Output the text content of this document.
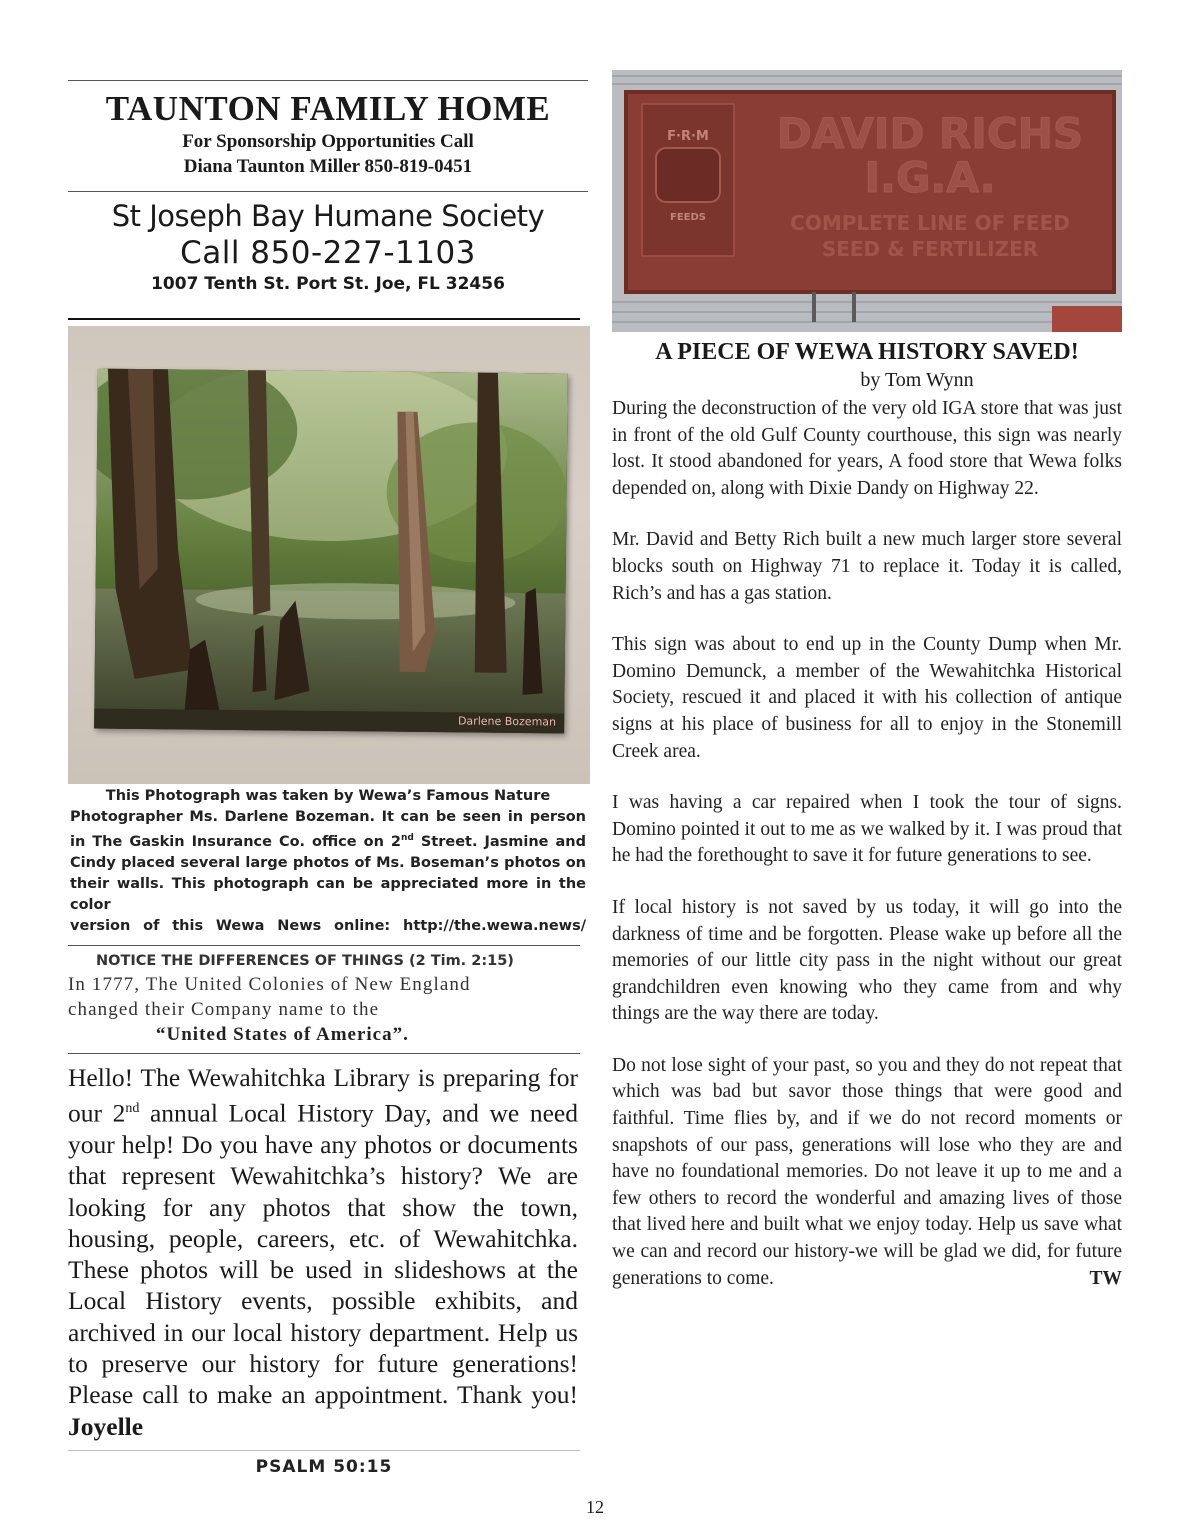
TAUNTON FAMILY HOME
For Sponsorship Opportunities Call
Diana Taunton Miller 850-819-0451
St Joseph Bay Humane Society
Call 850-227-1103
1007 Tenth St. Port St. Joe, FL 32456
Darlene Bozeman
This Photograph was taken by Wewa’s Famous Nature
Photographer Ms. Darlene Bozeman. It can be seen in person in The Gaskin Insurance Co. office on 2nd Street. Jasmine and Cindy placed several large photos of Ms. Boseman’s photos on their walls. This photograph can be appreciated more in the color
version of this Wewa News online: http://the.wewa.news/
NOTICE THE DIFFERENCES OF THINGS (2 Tim. 2:15)
In 1777, The United Colonies of New England
changed their Company name to the
“United States of America”.
Hello! The Wewahitchka Library is preparing for our 2nd annual Local History Day, and we need your help! Do you have any photos or documents that represent Wewahitchka’s history? We are looking for any photos that show the town, housing, people, careers, etc. of Wewahitchka. These photos will be used in slideshows at the Local History events, possible exhibits, and archived in our local history department. Help us to preserve our history for future generations! Please call to make an appointment. Thank you! Joyelle
PSALM 50:15
F·R·M
FEEDS
DAVID RICHS
I.G.A.
COMPLETE LINE OF FEED
SEED & FERTILIZER
A PIECE OF WEWA HISTORY SAVED!
by Tom Wynn

During the deconstruction of the very old IGA store that was just in front of the old Gulf County courthouse, this sign was nearly lost. It stood abandoned for years, A food store that Wewa folks depended on, along with Dixie Dandy on Highway 22.

Mr. David and Betty Rich built a new much larger store several blocks south on Highway 71 to replace it. Today it is called, Rich’s and has a gas station.

This sign was about to end up in the County Dump when Mr. Domino Demunck, a member of the Wewahitchka Historical Society, rescued it and placed it with his collection of antique signs at his place of business for all to enjoy in the Stonemill Creek area.

I was having a car repaired when I took the tour of signs. Domino pointed it out to me as we walked by it. I was proud that he had the forethought to save it for future generations to see.

If local history is not saved by us today, it will go into the darkness of time and be forgotten. Please wake up before all the memories of our little city pass in the night without our great grandchildren even knowing who they came from and why things are the way there are today.

Do not lose sight of your past, so you and they do not repeat that which was bad but savor those things that were good and faithful. Time flies by, and if we do not record moments or snapshots of our pass, generations will lose who they are and have no foundational memories. Do not leave it up to me and a few others to record the wonderful and amazing lives of those that lived here and built what we enjoy today. Help us save what we can and record our history-we will be glad we did, for future generations to come.	TW

12
